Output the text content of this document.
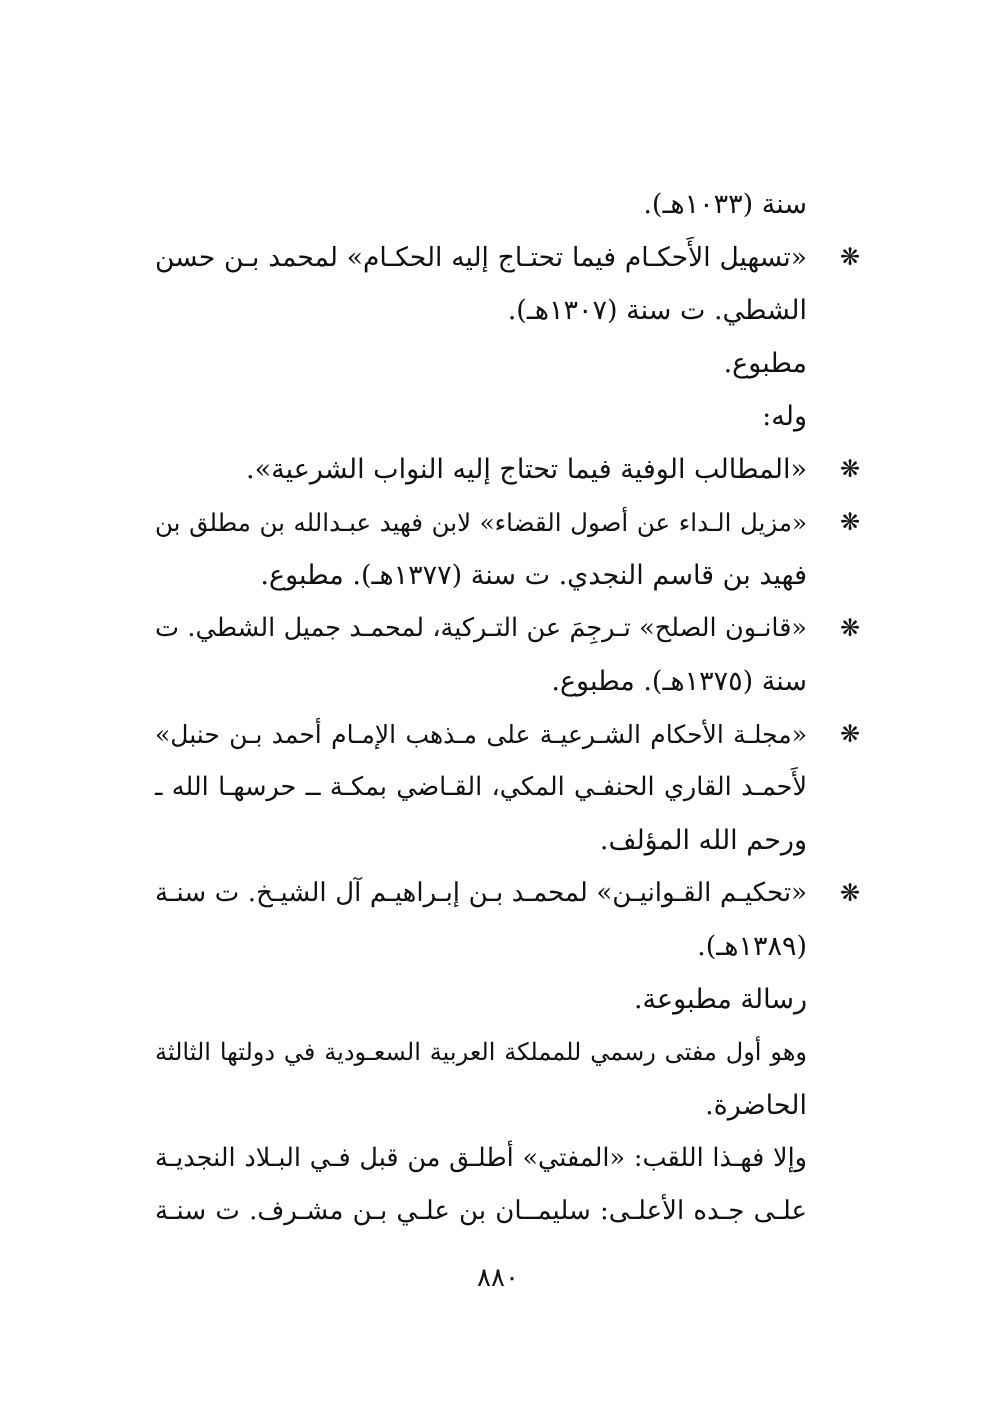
❋
❋
❋
❋
❋
❋
سنة (١٠٣٣هـ).
«تسهيل الأَحكـام فيما تحتـاج إليه الحكـام» لمحمد بـن حسن
الشطي. ت سنة (١٣٠٧هـ).
مطبوع.
وله:
«المطالب الوفية فيما تحتاج إليه النواب الشرعية».
«مزيل الـداء عن أصول القضاء» لابن فهيد عبـدالله بن مطلق بن
فهيد بن قاسم النجدي. ت سنة (١٣٧٧هـ). مطبوع.
«قانـون الصلح» تـرجِمَ عن التـركية، لمحمـد جميل الشطي. ت
سنة (١٣٧٥هـ). مطبوع.
«مجلـة الأحكام الشـرعيـة على مـذهب الإمـام أحمد بـن حنبل»
لأَحمـد القاري الحنفـي المكي، القـاضي بمكـة ــ حرسهـا الله ـ
ورحم الله المؤلف.
«تحكيـم القـوانيـن» لمحمـد بـن إبـراهيـم آل الشيـخ. ت سنـة
(١٣٨٩هـ).
رسالة مطبوعة.
وهو أول مفتى رسمي للمملكة العربية السعـودية في دولتها الثالثة
الحاضرة.
وإلا فهـذا اللقب: «المفتي» أطلـق من قبل فـي البـلاد النجديـة
علـى جـده الأعلـى: سليمــان بن علـي بـن مشـرف. ت سنـة
٨٨٠
